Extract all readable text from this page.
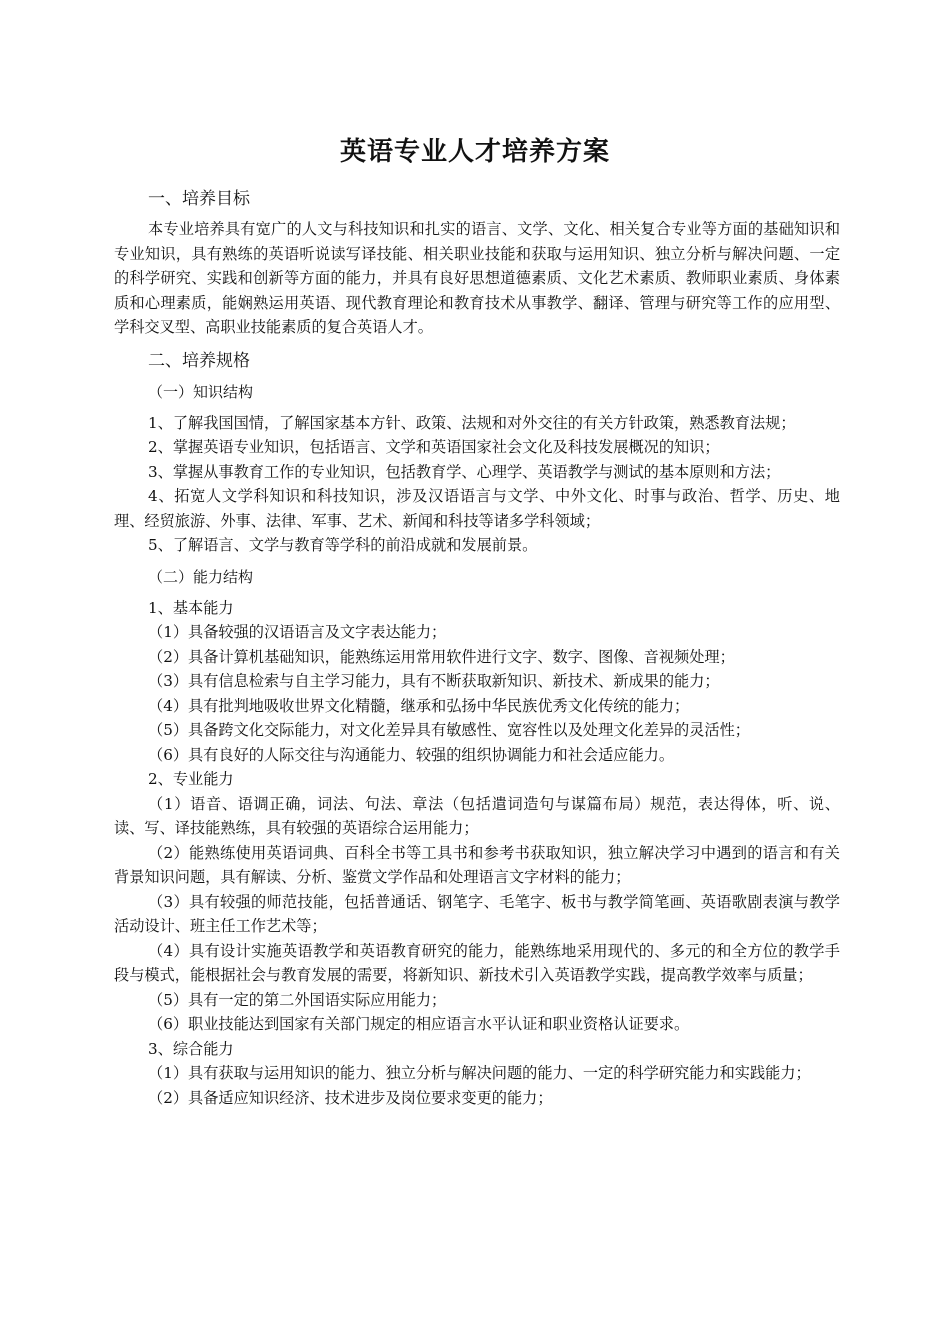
英语专业人才培养方案
一、培养目标

本专业培养具有宽广的人文与科技知识和扎实的语言、文学、文化、相关复合专业等方面的基础知识和专业知识，具有熟练的英语听说读写译技能、相关职业技能和获取与运用知识、独立分析与解决问题、一定的科学研究、实践和创新等方面的能力，并具有良好思想道德素质、文化艺术素质、教师职业素质、身体素质和心理素质，能娴熟运用英语、现代教育理论和教育技术从事教学、翻译、管理与研究等工作的应用型、学科交叉型、高职业技能素质的复合英语人才。

二、培养规格
（一）知识结构

1、了解我国国情，了解国家基本方针、政策、法规和对外交往的有关方针政策，熟悉教育法规；

2、掌握英语专业知识，包括语言、文学和英语国家社会文化及科技发展概况的知识；

3、掌握从事教育工作的专业知识，包括教育学、心理学、英语教学与测试的基本原则和方法；

4、拓宽人文学科知识和科技知识，涉及汉语语言与文学、中外文化、时事与政治、哲学、历史、地理、经贸旅游、外事、法律、军事、艺术、新闻和科技等诸多学科领域；

5、了解语言、文学与教育等学科的前沿成就和发展前景。

（二）能力结构

1、基本能力

（1）具备较强的汉语语言及文字表达能力；

（2）具备计算机基础知识，能熟练运用常用软件进行文字、数字、图像、音视频处理；

（3）具有信息检索与自主学习能力，具有不断获取新知识、新技术、新成果的能力；

（4）具有批判地吸收世界文化精髓，继承和弘扬中华民族优秀文化传统的能力；

（5）具备跨文化交际能力，对文化差异具有敏感性、宽容性以及处理文化差异的灵活性；

（6）具有良好的人际交往与沟通能力、较强的组织协调能力和社会适应能力。

2、专业能力

（1）语音、语调正确，词法、句法、章法（包括遣词造句与谋篇布局）规范，表达得体，听、说、读、写、译技能熟练，具有较强的英语综合运用能力；

（2）能熟练使用英语词典、百科全书等工具书和参考书获取知识，独立解决学习中遇到的语言和有关背景知识问题，具有解读、分析、鉴赏文学作品和处理语言文字材料的能力；

（3）具有较强的师范技能，包括普通话、钢笔字、毛笔字、板书与教学简笔画、英语歌剧表演与教学活动设计、班主任工作艺术等；

（4）具有设计实施英语教学和英语教育研究的能力，能熟练地采用现代的、多元的和全方位的教学手段与模式，能根据社会与教育发展的需要，将新知识、新技术引入英语教学实践，提高教学效率与质量；

（5）具有一定的第二外国语实际应用能力；

（6）职业技能达到国家有关部门规定的相应语言水平认证和职业资格认证要求。

3、综合能力

（1）具有获取与运用知识的能力、独立分析与解决问题的能力、一定的科学研究能力和实践能力；

（2）具备适应知识经济、技术进步及岗位要求变更的能力；
